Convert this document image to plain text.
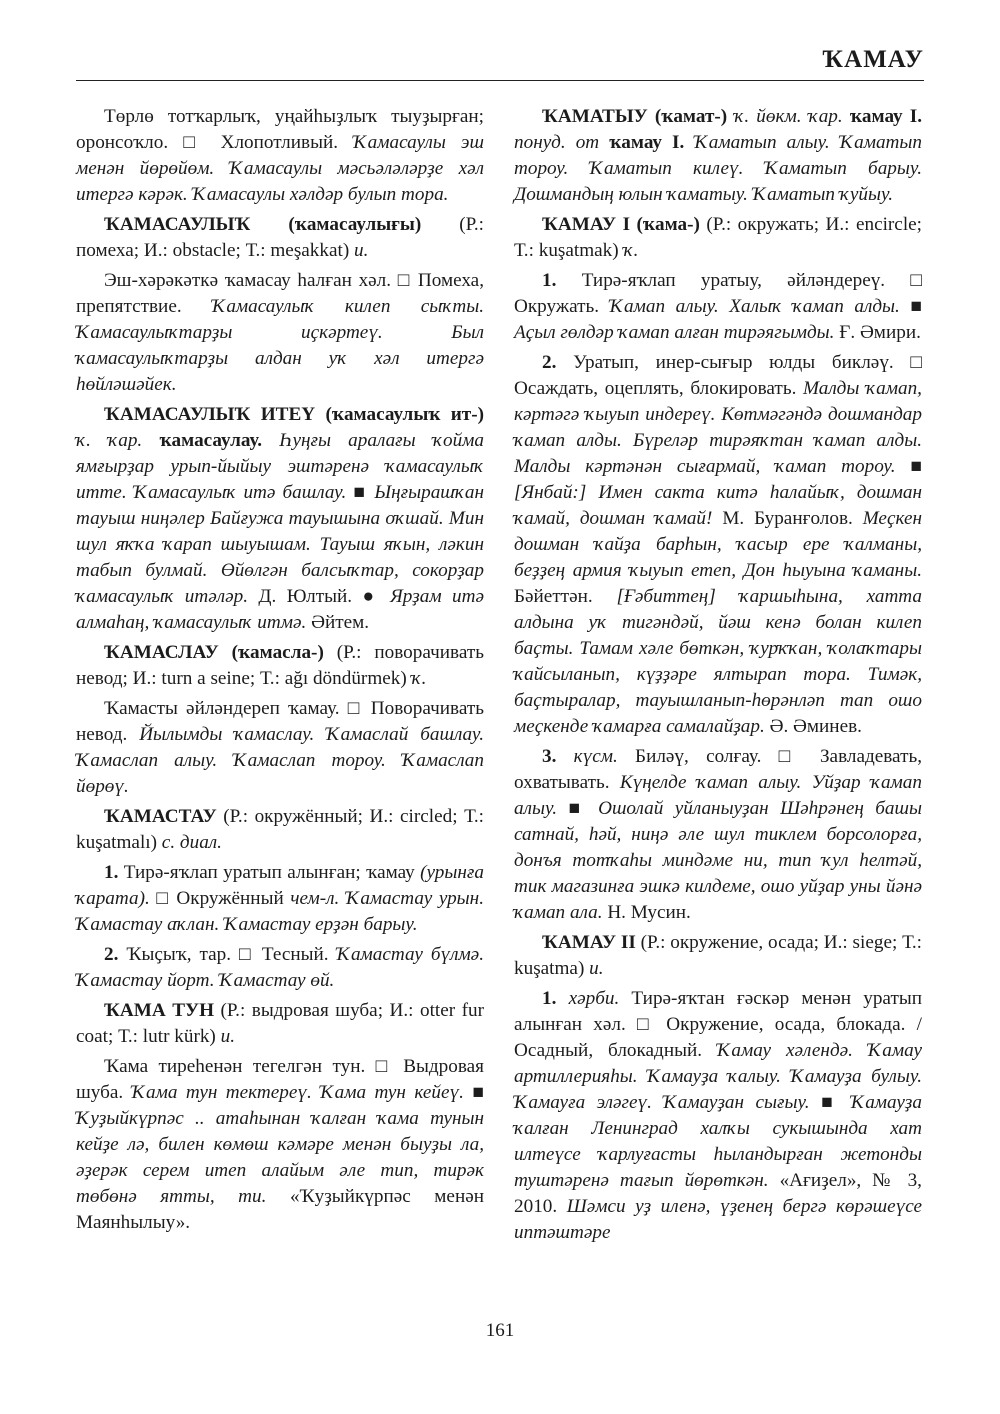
ҠАМАУ

Төрлө тотҡарлыҡ, уңайһыҙлыҡ тыуҙырған; оронсоҡло. □ Хлопотливый. Ҡамасаулы эш менән йөрөйөм. Ҡамасаулы мәсьәләләрҙе хәл итергә кәрәк. Ҡамасаулы хәлдәр булып тора.

ҠАМАСАУЛЫҠ (ҡамасаулығы) (Р.: помеха; И.: obstacle; Т.: meşakkat) и.

Эш-хәрәкәткә ҡамасау һалған хәл. □ Помеха, препятствие. Ҡамасаулыҡ килеп сыҡты. Ҡамасаулыҡтарҙы иҫкәртеү. Был ҡамасаулыҡтарҙы алдан уҡ хәл итергә һөйләшәйек.

ҠАМАСАУЛЫҠ ИТЕҮ (ҡамасаулыҡ ит-) ҡ. ҡар. ҡамасаулау. Һуңғы аралағы ҡойма ямғырҙар урып-йыйыу эштәренә ҡамасаулыҡ итте. Ҡамасаулыҡ итә башлау. ■ Ыңғырашҡан тауыш ниңәлер Байғужа тауышына оҡшай. Мин шул яҡҡа ҡарап шыуышам. Тауыш яҡын, ләкин табып булмай. Өйөлгән балсыҡтар, сокорҙар ҡамасаулыҡ итәләр. Д. Юлтый. ● Ярҙам итә алмаһаң, ҡамасаулыҡ итмә. Әйтем.

ҠАМАСЛАУ (ҡамасла-) (Р.: поворачивать невод; И.: turn a seine; Т.: ağı döndürmek) ҡ.

Ҡамасты әйләндереп ҡамау. □ Поворачивать невод. Йылымды ҡамаслау. Ҡамаслай башлау. Ҡамаслап алыу. Ҡамаслап тороу. Ҡамаслап йөрөү.

ҠАМАСТАУ (Р.: окружённый; И.: circled; Т.: kuşatmalı) с. диал.

1. Тирә-яҡлап уратып алынған; ҡамау (урынға ҡарата). □ Окружённый чем-л. Ҡамастау урын. Ҡамастау аҡлан. Ҡамастау ерҙән барыу.

2. Ҡыҫыҡ, тар. □ Тесный. Ҡамастау бүлмә. Ҡамастау йорт. Ҡамастау өй.

ҠАМА ТУН (Р.: выдровая шуба; И.: otter fur coat; Т.: lutr kürk) и.

Ҡама тиреһенән тегелгән тун. □ Выдровая шуба. Ҡама тун тектереү. Ҡама тун кейеү. ■ Ҡуҙыйкүрпәс .. атаһынан ҡалған ҡама тунын кейҙе лә, билен көмөш кәмәре менән быуҙы ла, әҙерәк серем итеп алайым әле тип, тирәк төбөнә ятты, ти. «Ҡуҙыйкүрпәс менән Маянһылыу».

ҠАМАТЫУ (ҡамат-) ҡ. йөкм. ҡар. ҡамау I. понуд. от ҡамау I. Ҡаматып алыу. Ҡаматып тороу. Ҡаматып килеү. Ҡаматып барыу. Дошмандың юлын ҡаматыу. Ҡаматып ҡуйыу.

ҠАМАУ I (ҡама-) (Р.: окружать; И.: encircle; Т.: kuşatmak) ҡ.

1. Тирә-яҡлап уратыу, әйләндереү. □ Окружать. Ҡамап алыу. Халыҡ ҡамап алды. ■ Аҫыл гөлдәр ҡамап алған тирәягымды. Ғ. Әмири.

2. Уратып, инер-сығыр юлды бикләү. □ Осаждать, оцеплять, блокировать. Малды ҡамап, кәртәгә ҡыуып индереү. Көтмәгәндә дошмандар ҡамап алды. Бүреләр тирәяҡтан ҡамап алды. Малды кәртәнән сығармай, ҡамап тороу. ■ [Янбай:] Имен сакта китә һалайыҡ, дошман ҡамай, дошман ҡамай! М. Буранғолов. Меҫкен дошман ҡайҙа барһын, ҡасыр ере ҡалманы, беҙҙең армия ҡыуып етеп, Дон һыуына ҡаманы. Бәйеттән. [Ғәбиттең] ҡаршыһына, хатта алдына уҡ тигәндәй, йәш кенә болан килеп баҫты. Тамам хәле бөткән, ҡурҡҡан, ҡолаҡтары ҡайсыланып, күҙҙәре ялтырап тора. Тимәк, баҫтыралар, тауышланып-һөрәнләп тап ошо меҫкенде ҡамарға самалайҙар. Ә. Әминев.

3. күсм. Биләү, солғау. □ Завладевать, охватывать. Күңелде ҡамап алыу. Уйҙар ҡамап алыу. ■ Ошолай уйланыуҙан Шәһрәнең башы сатнай, һәй, ниңә әле шул тиклем борсолорға, донъя тотҡаһы миндәме ни, тип ҡул һелтәй, тик магазинға эшкә килдеме, ошо уйҙар уны йәнә ҡамап ала. Н. Мусин.

ҠАМАУ II (Р.: окружение, осада; И.: siege; Т.: kuşatma) и.

1. хәрби. Тирә-яҡтан ғәскәр менән уратып алынған хәл. □ Окружение, осада, блокада. / Осадный, блокадный. Ҡамау хәлендә. Ҡамау артиллерияһы. Ҡамауҙа ҡалыу. Ҡамауҙа булыу. Ҡамауға эләгеү. Ҡамауҙан сығыу. ■ Ҡамауҙа ҡалған Ленинград халҡы сукышында хат илтеүсе ҡарлуғасты һыландырған жетонды туштәренә тағып йөрөткән. «Ағиҙел», № 3, 2010. Шәмси уҙ иленә, үҙенең бергә көрәшеүсе иптәштәре

161
